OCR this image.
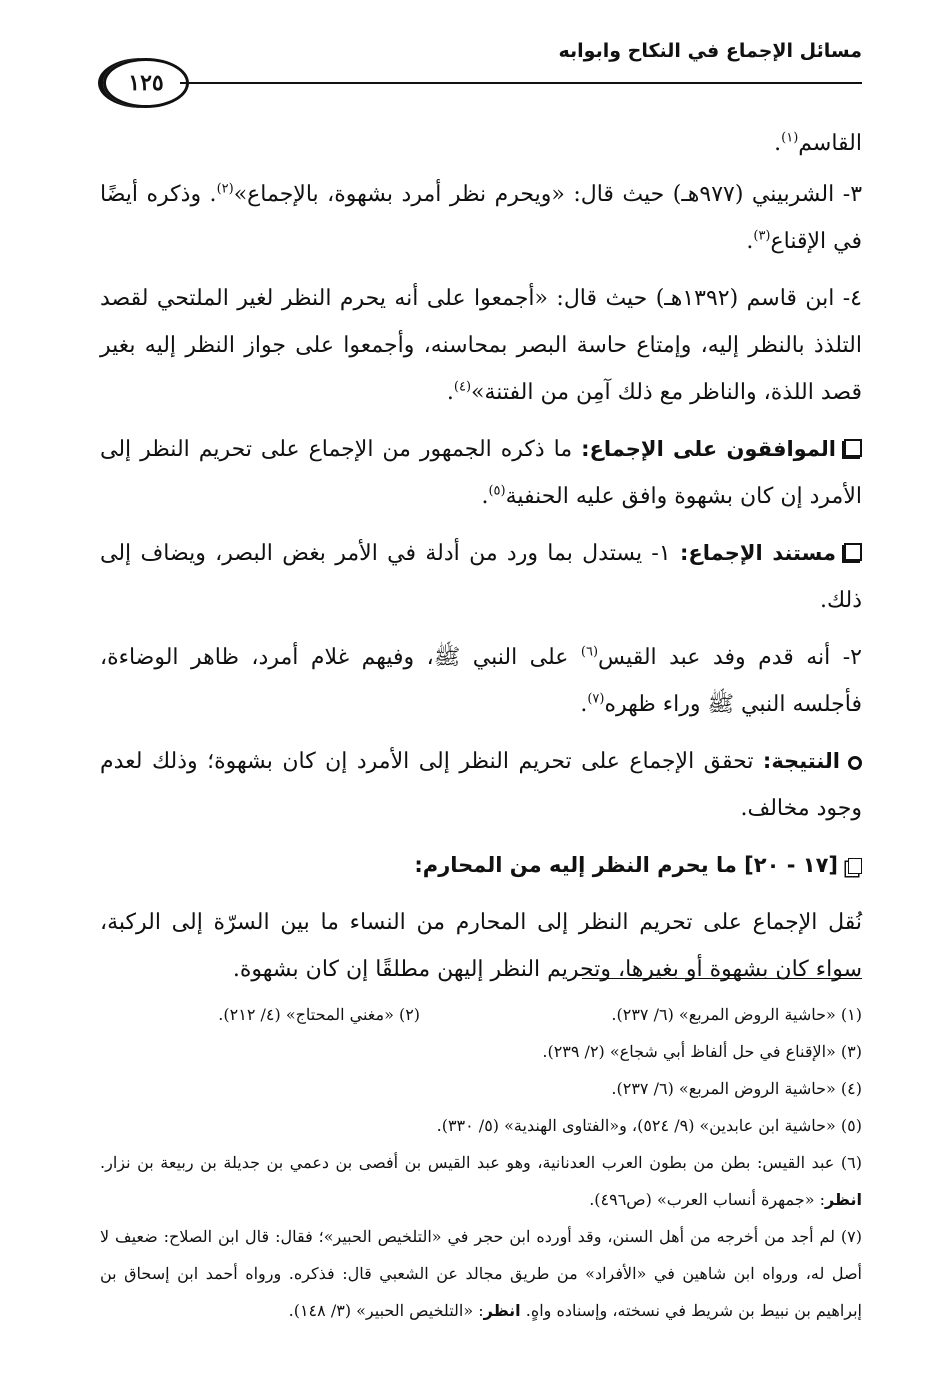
مسائل الإجماع في النكاح وابوابه
١٢٥

القاسم$^{(١)}$.

٣- الشربيني (٩٧٧هـ) حيث قال: «ويحرم نظر أمرد بشهوة، بالإجماع»$^{(٢)}$. وذكره أيضًا في الإقناع$^{(٣)}$.

٤- ابن قاسم (١٣٩٢هـ) حيث قال: «أجمعوا على أنه يحرم النظر لغير الملتحي لقصد التلذذ بالنظر إليه، وإمتاع حاسة البصر بمحاسنه، وأجمعوا على جواز النظر إليه بغير قصد اللذة، والناظر مع ذلك آمِن من الفتنة»$^{(٤)}$.

الموافقون على الإجماع: ما ذكره الجمهور من الإجماع على تحريم النظر إلى الأمرد إن كان بشهوة وافق عليه الحنفية$^{(٥)}$.

مستند الإجماع: ١- يستدل بما ورد من أدلة في الأمر بغض البصر، ويضاف إلى ذلك.

٢- أنه قدم وفد عبد القيس$^{(٦)}$ على النبي ﷺ، وفيهم غلام أمرد، ظاهر الوضاءة، فأجلسه النبي ﷺ وراء ظهره$^{(٧)}$.

النتيجة: تحقق الإجماع على تحريم النظر إلى الأمرد إن كان بشهوة؛ وذلك لعدم وجود مخالف.

[١٧ - ٢٠] ما يحرم النظر إليه من المحارم:

نُقل الإجماع على تحريم النظر إلى المحارم من النساء ما بين السرّة إلى الركبة، سواء كان بشهوة أو بغيرها، وتحريم النظر إليهن مطلقًا إن كان بشهوة.

(١) «حاشية الروض المربع» (٦/ ٢٣٧).
(٢) «مغني المحتاج» (٤/ ٢١٢).
(٣) «الإقناع في حل ألفاظ أبي شجاع» (٢/ ٢٣٩).
(٤) «حاشية الروض المربع» (٦/ ٢٣٧).
(٥) «حاشية ابن عابدين» (٩/ ٥٢٤)، و«الفتاوى الهندية» (٥/ ٣٣٠).
(٦) عبد القيس: بطن من بطون العرب العدنانية، وهو عبد القيس بن أفصى بن دعمي بن جديلة بن ربيعة بن نزار. انظر: «جمهرة أنساب العرب» (ص٤٩٦).
(٧) لم أجد من أخرجه من أهل السنن، وقد أورده ابن حجر في «التلخيص الحبير»؛ فقال: قال ابن الصلاح: ضعيف لا أصل له، ورواه ابن شاهين في «الأفراد» من طريق مجالد عن الشعبي قال: فذكره. ورواه أحمد ابن إسحاق بن إبراهيم بن نبيط بن شريط في نسخته، وإسناده واهٍ. انظر: «التلخيص الحبير» (٣/ ١٤٨).
